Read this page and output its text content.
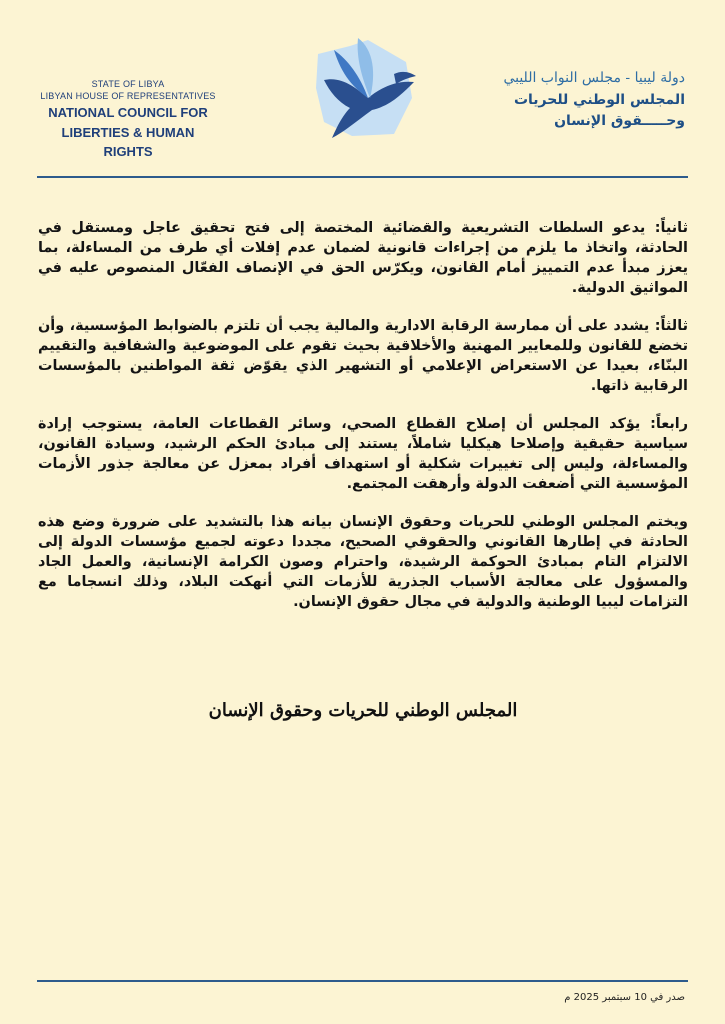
STATE OF LIBYA
LIBYAN HOUSE OF REPRESENTATIVES
NATIONAL COUNCIL FOR
LIBERTIES & HUMAN RIGHTS
دولة ليبيا - مجلس النواب الليبي
المجلس الوطني للحريات
وحـــــقوق الإنسان

ثانياً: يدعو السلطات التشريعية والقضائية المختصة إلى فتح تحقيق عاجل ومستقل في الحادثة، واتخاذ ما يلزم من إجراءات قانونية لضمان عدم إفلات أي طرف من المساءلة، بما يعزز مبدأ عدم التمييز أمام القانون، ويكرّس الحق في الإنصاف الفعّال المنصوص عليه في المواثيق الدولية.

ثالثاً: يشدد على أن ممارسة الرقابة الادارية والمالية يجب أن تلتزم بالضوابط المؤسسية، وأن تخضع للقانون وللمعايير المهنية والأخلاقية بحيث تقوم على الموضوعية والشفافية والتقييم البنّاء، بعيدا عن الاستعراض الإعلامي أو التشهير الذي يقوّض ثقة المواطنين بالمؤسسات الرقابية ذاتها.

رابعاً: يؤكد المجلس أن إصلاح القطاع الصحي، وسائر القطاعات العامة، يستوجب إرادة سياسية حقيقية وإصلاحا هيكليا شاملاً، يستند إلى مبادئ الحكم الرشيد، وسيادة القانون، والمساءلة، وليس إلى تغييرات شكلية أو استهداف أفراد بمعزل عن معالجة جذور الأزمات المؤسسية التي أضعفت الدولة وأرهقت المجتمع.

ويختم المجلس الوطني للحريات وحقوق الإنسان بيانه هذا بالتشديد على ضرورة وضع هذه الحادثة في إطارها القانوني والحقوقي الصحيح، مجددا دعوته لجميع مؤسسات الدولة إلى الالتزام التام بمبادئ الحوكمة الرشيدة، واحترام وصون الكرامة الإنسانية، والعمل الجاد والمسؤول على معالجة الأسباب الجذرية للأزمات التي أنهكت البلاد، وذلك انسجاما مع التزامات ليبيا الوطنية والدولية في مجال حقوق الإنسان.

المجلس الوطني للحريات وحقوق الإنسان
صدر في 10 سبتمبر 2025 م
